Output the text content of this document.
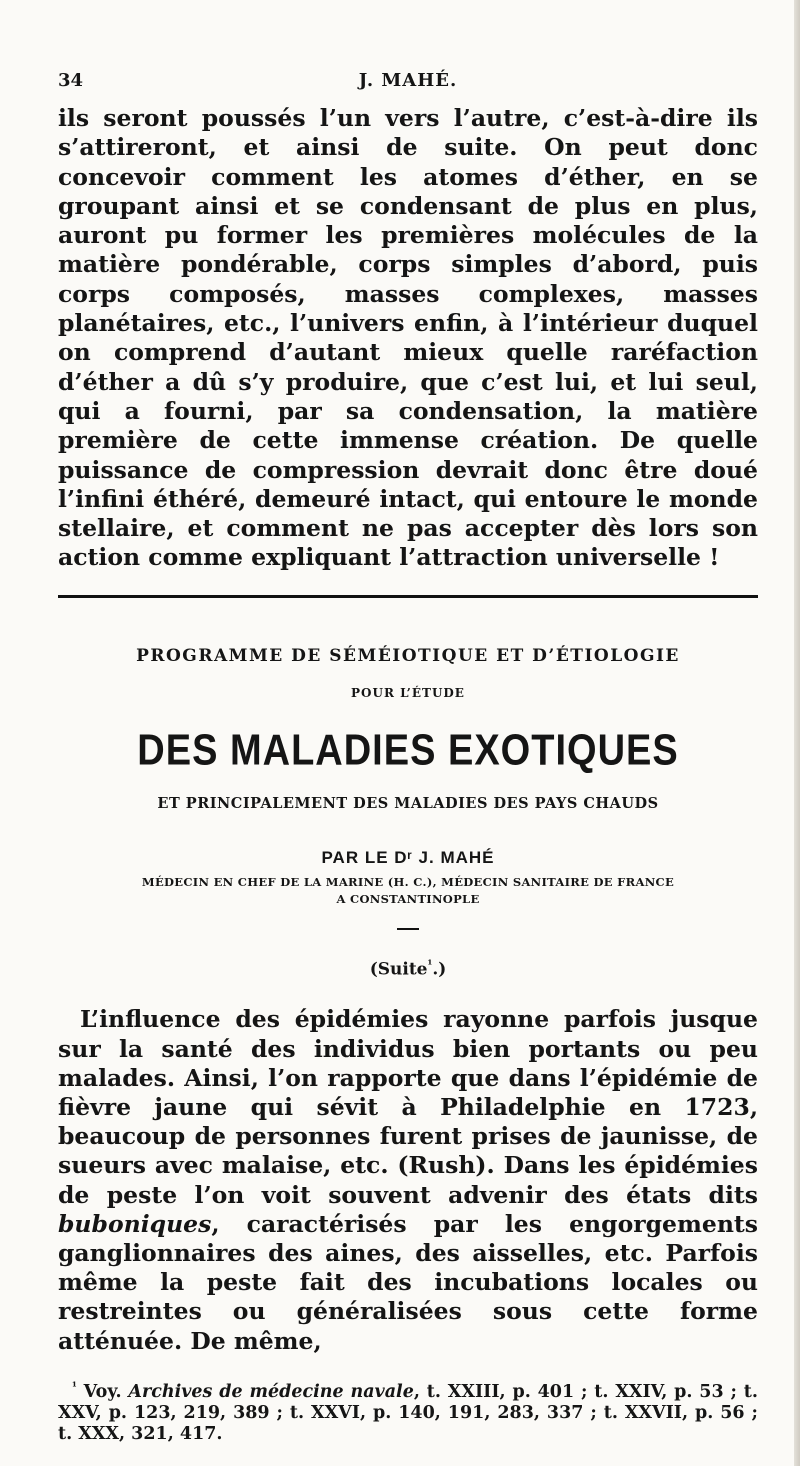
34	J. MAHÉ.

ils seront poussés l’un vers l’autre, c’est-à-dire ils s’attireront, et ainsi de suite. On peut donc concevoir comment les atomes d’éther, en se groupant ainsi et se condensant de plus en plus, auront pu former les premières molécules de la matière pondérable, corps simples d’abord, puis corps composés, masses complexes, masses planétaires, etc., l’univers enfin, à l’intérieur duquel on comprend d’autant mieux quelle raréfaction d’éther a dû s’y produire, que c’est lui, et lui seul, qui a fourni, par sa condensation, la matière première de cette immense création. De quelle puissance de compression devrait donc être doué l’infini éthéré, demeuré intact, qui entoure le monde stellaire, et comment ne pas accepter dès lors son action comme expliquant l’attraction universelle !

PROGRAMME DE SÉMÉIOTIQUE ET D’ÉTIOLOGIE
POUR L’ÉTUDE
DES MALADIES EXOTIQUES
ET PRINCIPALEMENT DES MALADIES DES PAYS CHAUDS
PAR LE Dʳ J. MAHÉ
MÉDECIN EN CHEF DE LA MARINE (H. C.), MÉDECIN SANITAIRE DE FRANCE
A CONSTANTINOPLE
(Suite$^{^1}$.)

L’influence des épidémies rayonne parfois jusque sur la santé des individus bien portants ou peu malades. Ainsi, l’on rapporte que dans l’épidémie de fièvre jaune qui sévit à Philadelphie en 1723, beaucoup de personnes furent prises de jaunisse, de sueurs avec malaise, etc. (Rush). Dans les épidémies de peste l’on voit souvent advenir des états dits buboniques, caractérisés par les engorgements ganglionnaires des aines, des aisselles, etc. Parfois même la peste fait des incubations locales ou restreintes ou généralisées sous cette forme atténuée. De même,

$^{^1}$ Voy. Archives de médecine navale, t. XXIII, p. 401 ; t. XXIV, p. 53 ; t. XXV, p. 123, 219, 389 ; t. XXVI, p. 140, 191, 283, 337 ; t. XXVII, p. 56 ; t. XXX, 321, 417.
